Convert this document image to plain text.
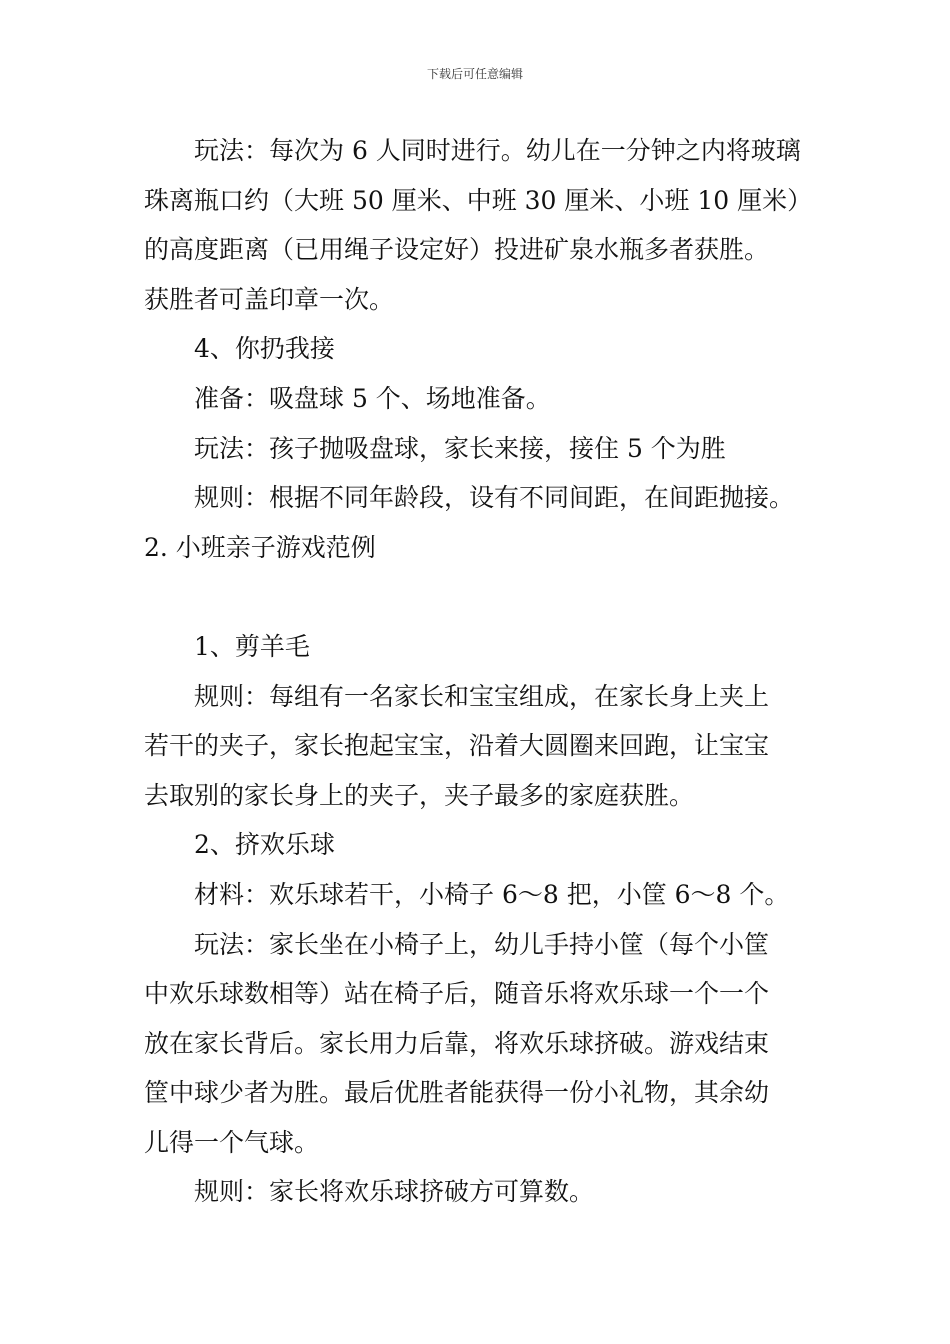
下载后可任意编辑
玩法：每次为 6 人同时进行。幼儿在一分钟之内将玻璃
珠离瓶口约（大班 50 厘米、中班 30 厘米、小班 10 厘米）
的高度距离（已用绳子设定好）投进矿泉水瓶多者获胜。
获胜者可盖印章一次。
4、你扔我接
准备：吸盘球 5 个、场地准备。
玩法：孩子抛吸盘球，家长来接，接住 5 个为胜
规则：根据不同年龄段，设有不同间距，在间距抛接。
2. 小班亲子游戏范例
1、剪羊毛
规则：每组有一名家长和宝宝组成，在家长身上夹上
若干的夹子，家长抱起宝宝，沿着大圆圈来回跑，让宝宝
去取别的家长身上的夹子，夹子最多的家庭获胜。
2、挤欢乐球
材料：欢乐球若干，小椅子 6～8 把，小筐 6～8 个。
玩法：家长坐在小椅子上，幼儿手持小筐（每个小筐
中欢乐球数相等）站在椅子后，随音乐将欢乐球一个一个
放在家长背后。家长用力后靠，将欢乐球挤破。游戏结束
筐中球少者为胜。最后优胜者能获得一份小礼物，其余幼
儿得一个气球。
规则：家长将欢乐球挤破方可算数。
